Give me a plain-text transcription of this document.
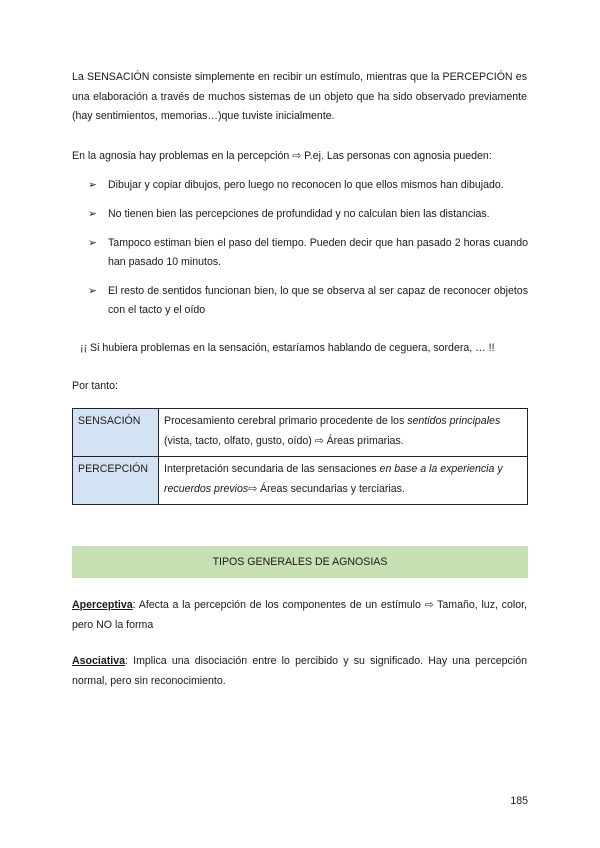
La SENSACIÓN consiste simplemente en recibir un estímulo, mientras que la PERCEPCIÓN es una elaboración a través de muchos sistemas de un objeto que ha sido observado previamente (hay sentimientos, memorias…)que tuviste inicialmente.
En la agnosia hay problemas en la percepción ⇨ P.ej. Las personas con agnosia pueden:
➢	Dibujar y copiar dibujos, pero luego no reconocen lo que ellos mismos han dibujado.
➢	No tienen bien las percepciones de profundidad y no calculan bien las distancias.
➢	Tampoco estiman bien el paso del tiempo. Pueden decir que han pasado 2 horas cuando han pasado 10 minutos.
➢	El resto de sentidos funcionan bien, lo que se observa al ser capaz de reconocer objetos con el tacto y el oído
¡¡ Si hubiera problemas en la sensación, estaríamos hablando de ceguera, sordera, … !!
Por tanto:
SENSACIÓN	Procesamiento cerebral primario procedente de los sentidos principales (vista, tacto, olfato, gusto, oído) ⇨ Áreas primarias.
PERCEPCIÓN	Interpretación secundaria de las sensaciones en base a la experiencia y recuerdos previos⇨ Áreas secundarias y terciarias.
TIPOS GENERALES DE AGNOSIAS
Aperceptiva: Afecta a la percepción de los componentes de un estímulo ⇨ Tamaño, luz, color, pero NO la forma
Asociativa: Implica una disociación entre lo percibido y su significado. Hay una percepción normal, pero sin reconocimiento.
185
